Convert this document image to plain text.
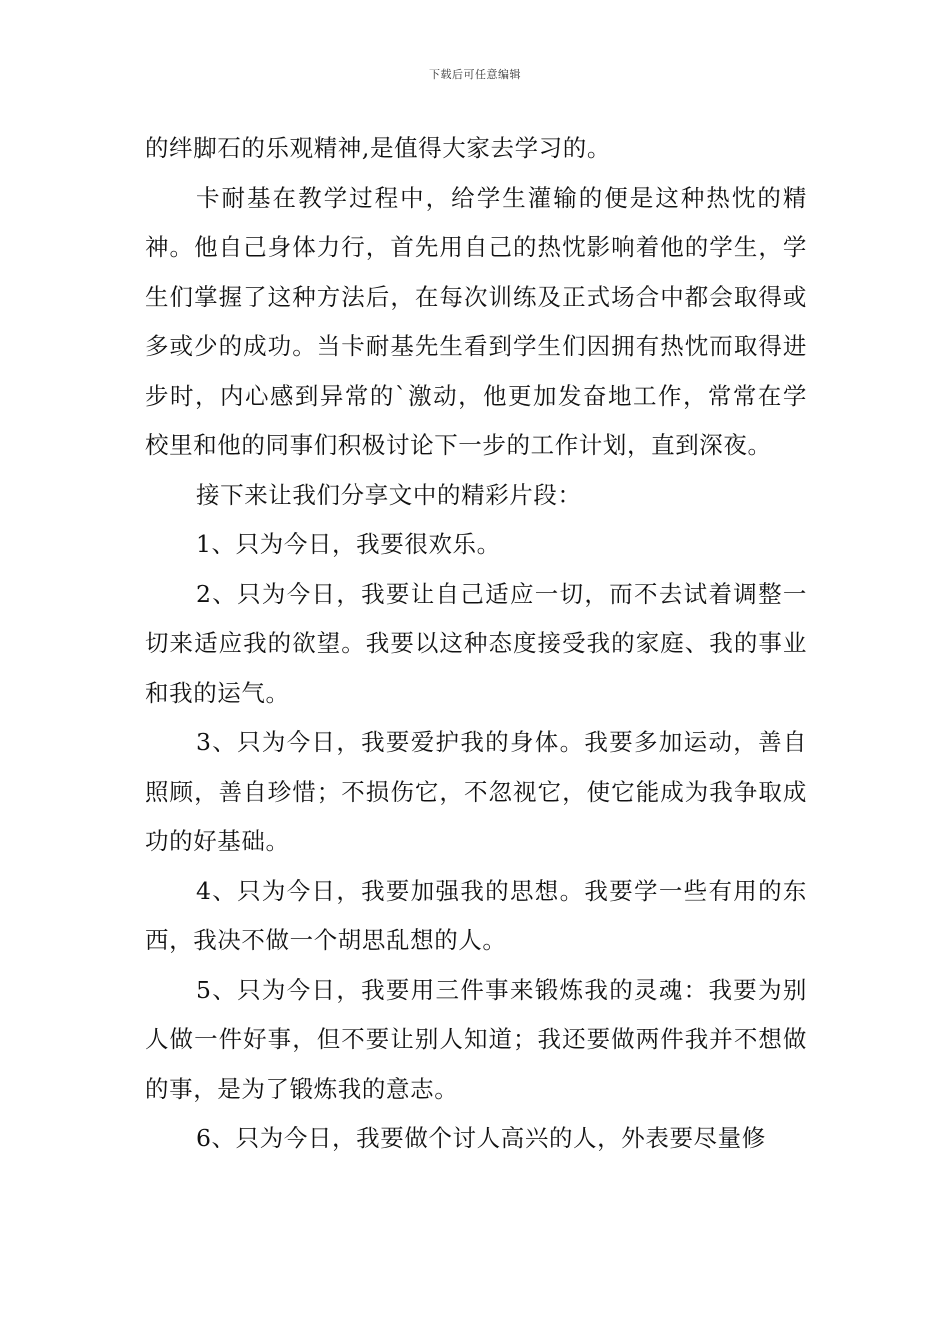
下载后可任意编辑

的绊脚石的乐观精神,是值得大家去学习的。

卡耐基在教学过程中，给学生灌输的便是这种热忱的精神。他自己身体力行，首先用自己的热忱影响着他的学生，学生们掌握了这种方法后，在每次训练及正式场合中都会取得或多或少的成功。当卡耐基先生看到学生们因拥有热忱而取得进步时，内心感到异常的`激动，他更加发奋地工作，常常在学校里和他的同事们积极讨论下一步的工作计划，直到深夜。

接下来让我们分享文中的精彩片段：

1、只为今日，我要很欢乐。

2、只为今日，我要让自己适应一切，而不去试着调整一切来适应我的欲望。我要以这种态度接受我的家庭、我的事业和我的运气。

3、只为今日，我要爱护我的身体。我要多加运动，善自照顾，善自珍惜；不损伤它，不忽视它，使它能成为我争取成功的好基础。

4、只为今日，我要加强我的思想。我要学一些有用的东西，我决不做一个胡思乱想的人。

5、只为今日，我要用三件事来锻炼我的灵魂：我要为别人做一件好事，但不要让别人知道；我还要做两件我并不想做的事，是为了锻炼我的意志。

6、只为今日，我要做个讨人高兴的人，外表要尽量修
